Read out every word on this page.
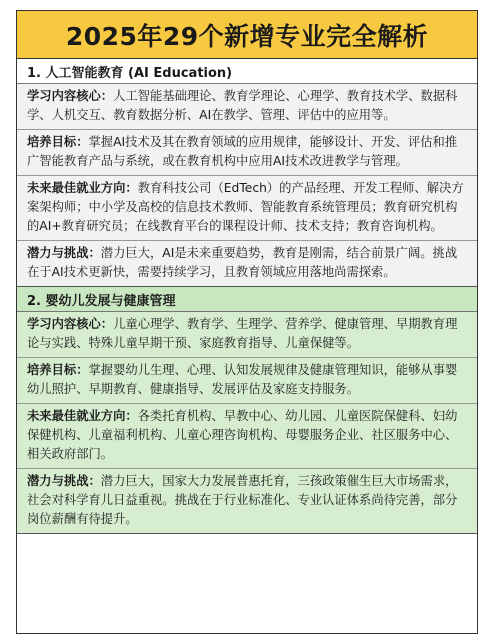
2025年29个新增专业完全解析
1. 人工智能教育 (AI Education)
学习内容核心：人工智能基础理论、教育学理论、心理学、教育技术学、数据科学、人机交互、教育数据分析、AI在教学、管理、评估中的应用等。
培养目标：掌握AI技术及其在教育领域的应用规律，能够设计、开发、评估和推广智能教育产品与系统，或在教育机构中应用AI技术改进教学与管理。
未来最佳就业方向：教育科技公司（EdTech）的产品经理、开发工程师、解决方案架构师；中小学及高校的信息技术教师、智能教育系统管理员；教育研究机构的AI+教育研究员；在线教育平台的课程设计师、技术支持；教育咨询机构。
潜力与挑战：潜力巨大，AI是未来重要趋势，教育是刚需，结合前景广阔。挑战在于AI技术更新快，需要持续学习，且教育领域应用落地尚需探索。
2. 婴幼儿发展与健康管理
学习内容核心：儿童心理学、教育学、生理学、营养学、健康管理、早期教育理论与实践、特殊儿童早期干预、家庭教育指导、儿童保健等。
培养目标：掌握婴幼儿生理、心理、认知发展规律及健康管理知识，能够从事婴幼儿照护、早期教育、健康指导、发展评估及家庭支持服务。
未来最佳就业方向：各类托育机构、早教中心、幼儿园、儿童医院保健科、妇幼保健机构、儿童福利机构、儿童心理咨询机构、母婴服务企业、社区服务中心、相关政府部门。
潜力与挑战：潜力巨大，国家大力发展普惠托育，三孩政策催生巨大市场需求，社会对科学育儿日益重视。挑战在于行业标准化、专业认证体系尚待完善，部分岗位薪酬有待提升。
